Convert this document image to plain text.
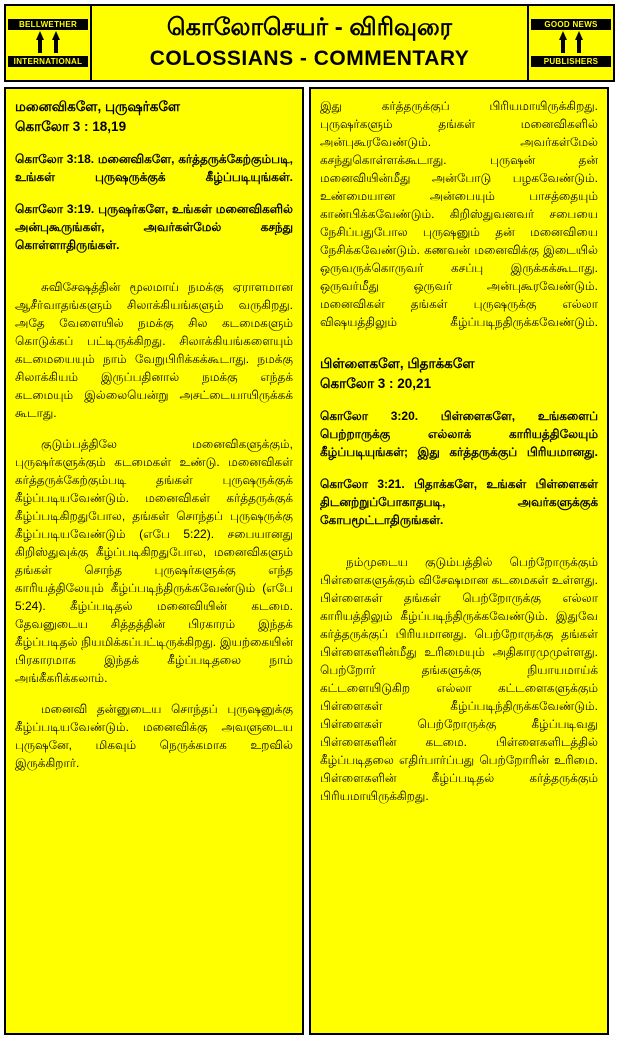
BELLWETHER
INTERNATIONAL
கொலோசெயர் - விரிவுரை
COLOSSIANS - COMMENTARY
GOOD NEWS
PUBLISHERS
மனைவிகளே, புருஷர்களே
கொலோ 3 : 18,19
கொலோ 3:18. மனைவிகளே, கர்த்தருக்கேற்கும்படி, உங்கள் புருஷருக்குக் கீழ்ப்படியுங்கள்.
கொலோ 3:19. புருஷர்களே, உங்கள் மனைவிகளில் அன்புகூருங்கள், அவர்கள்மேல் கசந்து கொள்ளாதிருங்கள்.
சுவிசேஷத்தின் மூலமாய் நமக்கு ஏராளமான ஆசீர்வாதங்களும் சிலாக்கியங்களும் வருகிறது. அதே வேளையில் நமக்கு சில கடமைகளும் கொடுக்கப் பட்டிருக்கிறது. சிலாக்கியங்களையும் கடமையையும் நாம் வேறுபிரிக்கக்கூடாது. நமக்கு சிலாக்கியம் இருப்பதினால் நமக்கு எந்தக் கடமையும் இல்லையென்று அசட்டையாயிருக்கக் கூடாது.
குடும்பத்திலே மனைவிகளுக்கும், புருஷர்களுக்கும் கடமைகள் உண்டு. மனைவிகள் கர்த்தருக்கேற்கும்படி தங்கள் புருஷருக்குக் கீழ்ப்படியவேண்டும். மனைவிகள் கர்த்தருக்குக் கீழ்ப்படிகிறதுபோல, தங்கள் சொந்தப் புருஷருக்கு கீழ்ப்படியவேண்டும் (எபே 5:22). சபையானது கிறிஸ்துவுக்கு கீழ்ப்படிகிறதுபோல, மனைவிகளும் தங்கள் சொந்த புருஷர்களுக்கு எந்த காரியத்திலேயும் கீழ்ப்படிந்திருக்கவேண்டும் (எபே 5:24). கீழ்ப்படிதல் மனைவியின் கடமை. தேவனுடைய சித்தத்தின் பிரகாரம் இந்தக் கீழ்ப்படிதல் நியமிக்கப்பட்டிருக்கிறது. இயற்கையின் பிரகாரமாக இந்தக் கீழ்ப்படிதலை நாம் அங்கீகரிக்கலாம்.
மனைவி தன்னுடைய சொந்தப் புருஷனுக்கு கீழ்ப்படியவேண்டும். மனைவிக்கு அவளுடைய புருஷனே, மிகவும் நெருக்கமாக உறவில் இருக்கிறார்.
இது கர்த்தருக்குப் பிரியமாயிருக்கிறது. புருஷர்களும் தங்கள் மனைவிகளில் அன்புகூரவேண்டும். அவர்கள்மேல் கசந்துகொள்ளக்கூடாது. புருஷன் தன் மனைவியின்மீது அன்போடு பழகவேண்டும். உண்மையான அன்பையும் பாசத்தையும் காண்பிக்கவேண்டும். கிறிஸ்துவனவர் சபையை நேசிப்பதுபோல புருஷனும் தன் மனைவியை நேசிக்கவேண்டும். கணவன் மனைவிக்கு இடையில் ஒருவருக்கொருவர் கசப்பு இருக்கக்கூடாது. ஒருவர்மீது ஒருவர் அன்புகூரவேண்டும். மனைவிகள் தங்கள் புருஷருக்கு எல்லா விஷயத்திலும் கீழ்ப்படிநதிருக்கவேண்டும்.
பிள்ளைகளே, பிதாக்களே
கொலோ 3 : 20,21
கொலோ 3:20. பிள்ளைகளே, உங்களைப் பெற்றாருக்கு எல்லாக் காரியத்திலேயும் கீழ்ப்படியுங்கள்; இது கர்த்தருக்குப் பிரியமானது.
கொலோ 3:21. பிதாக்களே, உங்கள் பிள்ளைகள் திடனற்றுப்போகாதபடி, அவர்களுக்குக் கோபமூட்டாதிருங்கள்.
நம்முடைய குடும்பத்தில் பெற்றோருக்கும் பிள்ளைகளுக்கும் விசேஷமான கடமைகள் உள்ளது. பிள்ளைகள் தங்கள் பெற்றோருக்கு எல்லா காரியத்திலும் கீழ்ப்படிந்திருக்கவேண்டும். இதுவே கர்த்தருக்குப் பிரியமானது. பெற்றோருக்கு தங்கள் பிள்ளைகளின்மீது உரிமையும் அதிகாரமுமுள்ளது. பெற்றோர் தங்களுக்கு நியாயமாய்க் கட்டளையிடுகிற எல்லா கட்டளைகளுக்கும் பிள்ளைகள் கீழ்ப்படிந்திருக்கவேண்டும். பிள்ளைகள் பெற்றோருக்கு கீழ்ப்படிவது பிள்ளைகளின் கடமை. பிள்ளைகளிடத்தில் கீழ்ப்படிதலை எதிர்பார்ப்பது பெற்றோரின் உரிமை. பிள்ளைகளின் கீழ்ப்படிதல் கர்த்தருக்கும் பிரியமாயிருக்கிறது.
